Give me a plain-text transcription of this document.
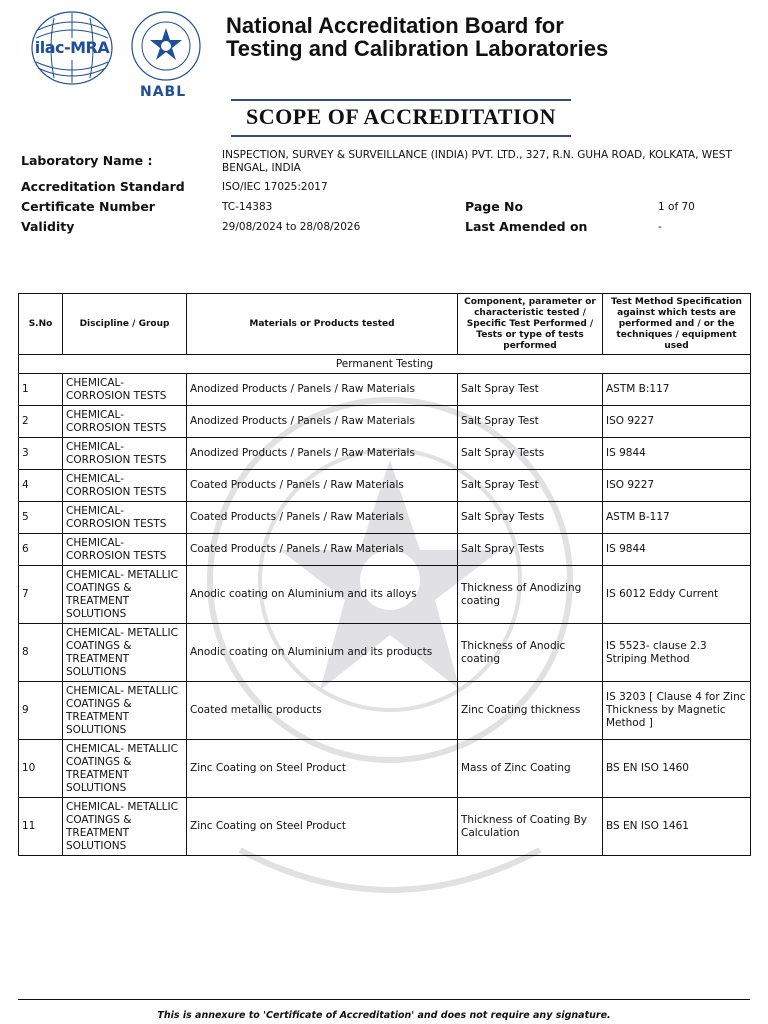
ilac-MRA
NABL
National Accreditation Board for
Testing and Calibration Laboratories
SCOPE OF ACCREDITATION
Laboratory Name :	INSPECTION, SURVEY & SURVEILLANCE (INDIA) PVT. LTD., 327, R.N. GUHA ROAD, KOLKATA, WEST
BENGAL, INDIA
Accreditation Standard	ISO/IEC 17025:2017
Certificate Number	TC-14383	Page No	1 of 70
Validity	29/08/2024 to 28/08/2026	Last Amended on	-
S.No	Discipline / Group	Materials or Products tested	Component, parameter or characteristic tested / Specific Test Performed / Tests or type of tests performed	Test Method Specification against which tests are performed and / or the techniques / equipment used
Permanent Testing				
1	CHEMICAL- CORROSION TESTS	Anodized Products / Panels / Raw Materials	Salt Spray Test	ASTM B:117
2	CHEMICAL- CORROSION TESTS	Anodized Products / Panels / Raw Materials	Salt Spray Test	ISO 9227
3	CHEMICAL- CORROSION TESTS	Anodized Products / Panels / Raw Materials	Salt Spray Tests	IS 9844
4	CHEMICAL- CORROSION TESTS	Coated Products / Panels / Raw Materials	Salt Spray Test	ISO 9227
5	CHEMICAL- CORROSION TESTS	Coated Products / Panels / Raw Materials	Salt Spray Tests	ASTM B-117
6	CHEMICAL- CORROSION TESTS	Coated Products / Panels / Raw Materials	Salt Spray Tests	IS 9844
7	CHEMICAL- METALLIC COATINGS & TREATMENT SOLUTIONS	Anodic coating on Aluminium and its alloys	Thickness of Anodizing coating	IS 6012 Eddy Current
8	CHEMICAL- METALLIC COATINGS & TREATMENT SOLUTIONS	Anodic coating on Aluminium and its products	Thickness of Anodic coating	IS 5523- clause 2.3 Striping Method
9	CHEMICAL- METALLIC COATINGS & TREATMENT SOLUTIONS	Coated metallic products	Zinc Coating thickness	IS 3203 [ Clause 4 for Zinc Thickness by Magnetic Method ]
10	CHEMICAL- METALLIC COATINGS & TREATMENT SOLUTIONS	Zinc Coating on Steel Product	Mass of Zinc Coating	BS EN ISO 1460
11	CHEMICAL- METALLIC COATINGS & TREATMENT SOLUTIONS	Zinc Coating on Steel Product	Thickness of Coating By Calculation	BS EN ISO 1461
This is annexure to 'Certificate of Accreditation' and does not require any signature.
